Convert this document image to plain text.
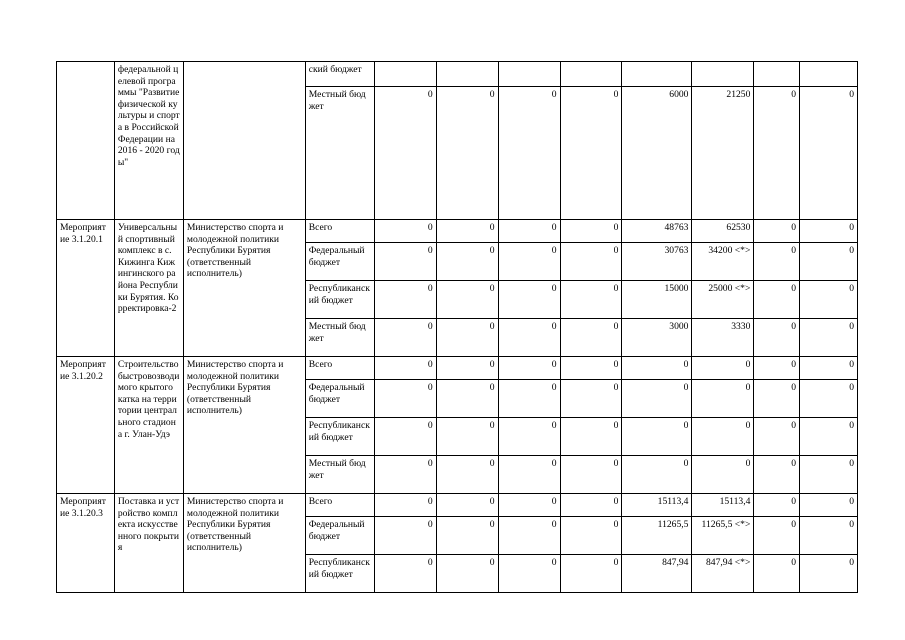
	федеральной целевой программы "Развитие физической культуры и спорта в Российской Федерации на 2016 - 2020 годы"		ский бюджет								
			Местный бюджет	0	0	0	0	6000	21250	0	0
Мероприятие 3.1.20.1	Универсальный спортивный комплекс в с. Кижинга Кижингинского района Республики Бурятия. Корректировка-2	Министерство спорта и молодежной политики Республики Бурятия (ответственный исполнитель)	Всего	0	0	0	0	48763	62530	0	0
			Федеральный бюджет	0	0	0	0	30763	34200 <*>	0	0
			Республиканский бюджет	0	0	0	0	15000	25000 <*>	0	0
			Местный бюджет	0	0	0	0	3000	3330	0	0
Мероприятие 3.1.20.2	Строительство быстровозводимого крытого катка на территории центрального стадиона г. Улан-Удэ	Министерство спорта и молодежной политики Республики Бурятия (ответственный исполнитель)	Всего	0	0	0	0	0	0	0	0
			Федеральный бюджет	0	0	0	0	0	0	0	0
			Республиканский бюджет	0	0	0	0	0	0	0	0
			Местный бюджет	0	0	0	0	0	0	0	0
Мероприятие 3.1.20.3	Поставка и устройство комплекта искусственного покрытия	Министерство спорта и молодежной политики Республики Бурятия (ответственный исполнитель)	Всего	0	0	0	0	15113,4	15113,4	0	0
			Федеральный бюджет	0	0	0	0	11265,5	11265,5 <*>	0	0
			Республиканский бюджет	0	0	0	0	847,94	847,94 <*>	0	0
